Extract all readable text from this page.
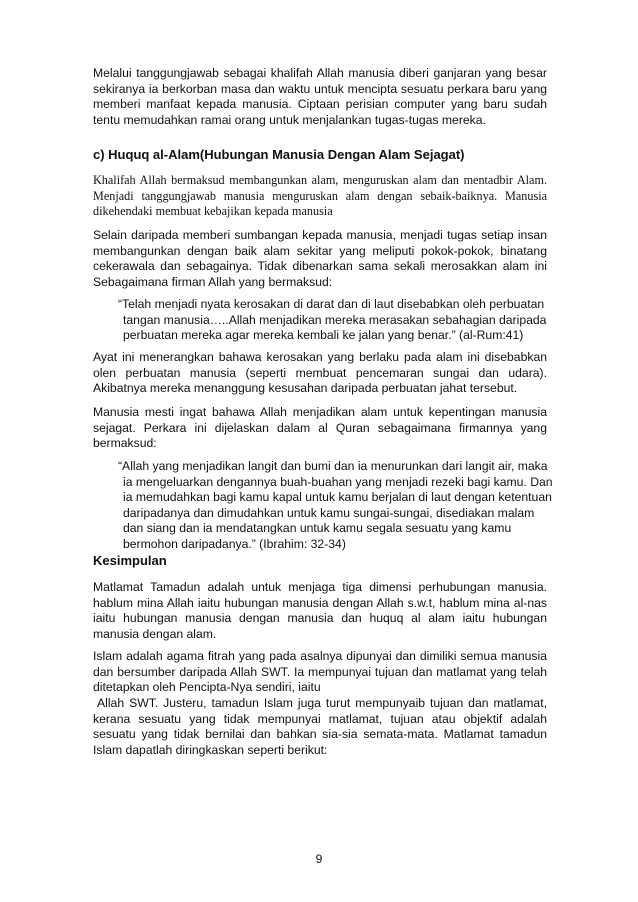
Melalui tanggungjawab sebagai khalifah Allah manusia diberi ganjaran yang besar sekiranya ia berkorban masa dan waktu untuk mencipta sesuatu perkara baru yang memberi manfaat kepada manusia. Ciptaan perisian computer yang baru sudah tentu memudahkan ramai orang untuk menjalankan tugas-tugas mereka.

c) Huquq al-Alam(Hubungan Manusia Dengan Alam Sejagat)

Khalifah Allah bermaksud membangunkan alam, menguruskan alam dan mentadbir Alam. Menjadi tanggungjawab manusia menguruskan alam dengan sebaik-baiknya. Manusia dikehendaki membuat kebajikan kepada manusia

Selain daripada memberi sumbangan kepada manusia, menjadi tugas setiap insan membangunkan dengan baik alam sekitar yang meliputi pokok-pokok, binatang cekerawala dan sebagainya. Tidak dibenarkan sama sekali merosakkan alam ini Sebagaimana firman Allah yang bermaksud:

“Telah menjadi nyata kerosakan di darat dan di laut disebabkan oleh perbuatan
tangan manusia…..Allah menjadikan mereka merasakan sebahagian daripada
perbuatan mereka agar mereka kembali ke jalan yang benar.” (al-Rum:41)

Ayat ini menerangkan bahawa kerosakan yang berlaku pada alam ini disebabkan olen perbuatan manusia (seperti membuat pencemaran sungai dan udara). Akibatnya mereka menanggung kesusahan daripada perbuatan jahat tersebut.

Manusia mesti ingat bahawa Allah menjadikan alam untuk kepentingan manusia sejagat. Perkara ini dijelaskan dalam al Quran sebagaimana firmannya yang bermaksud:

“Allah yang menjadikan langit dan bumi dan ia menurunkan dari langit air, maka
ia mengeluarkan dengannya buah-buahan yang menjadi rezeki bagi kamu. Dan
ia memudahkan bagi kamu kapal untuk kamu berjalan di laut dengan ketentuan
daripadanya dan dimudahkan untuk kamu sungai-sungai, disediakan malam
dan siang dan ia mendatangkan untuk kamu segala sesuatu yang kamu
bermohon daripadanya.” (Ibrahim: 32-34)

Kesimpulan

Matlamat Tamadun adalah untuk menjaga tiga dimensi perhubungan manusia. hablum mina Allah iaitu hubungan manusia dengan Allah s.w.t, hablum mina al-nas iaitu hubungan manusia dengan manusia dan huquq al alam iaitu hubungan manusia dengan alam.

Islam adalah agama fitrah yang pada asalnya dipunyai dan dimiliki semua manusia dan bersumber daripada Allah SWT. Ia mempunyai tujuan dan matlamat yang telah ditetapkan oleh Pencipta-Nya sendiri, iaitu

Allah SWT. Justeru, tamadun Islam juga turut mempunyaib tujuan dan matlamat, kerana sesuatu yang tidak mempunyai matlamat, tujuan atau objektif adalah sesuatu yang tidak bernilai dan bahkan sia-sia semata-mata. Matlamat tamadun Islam dapatlah diringkaskan seperti berikut:

9
